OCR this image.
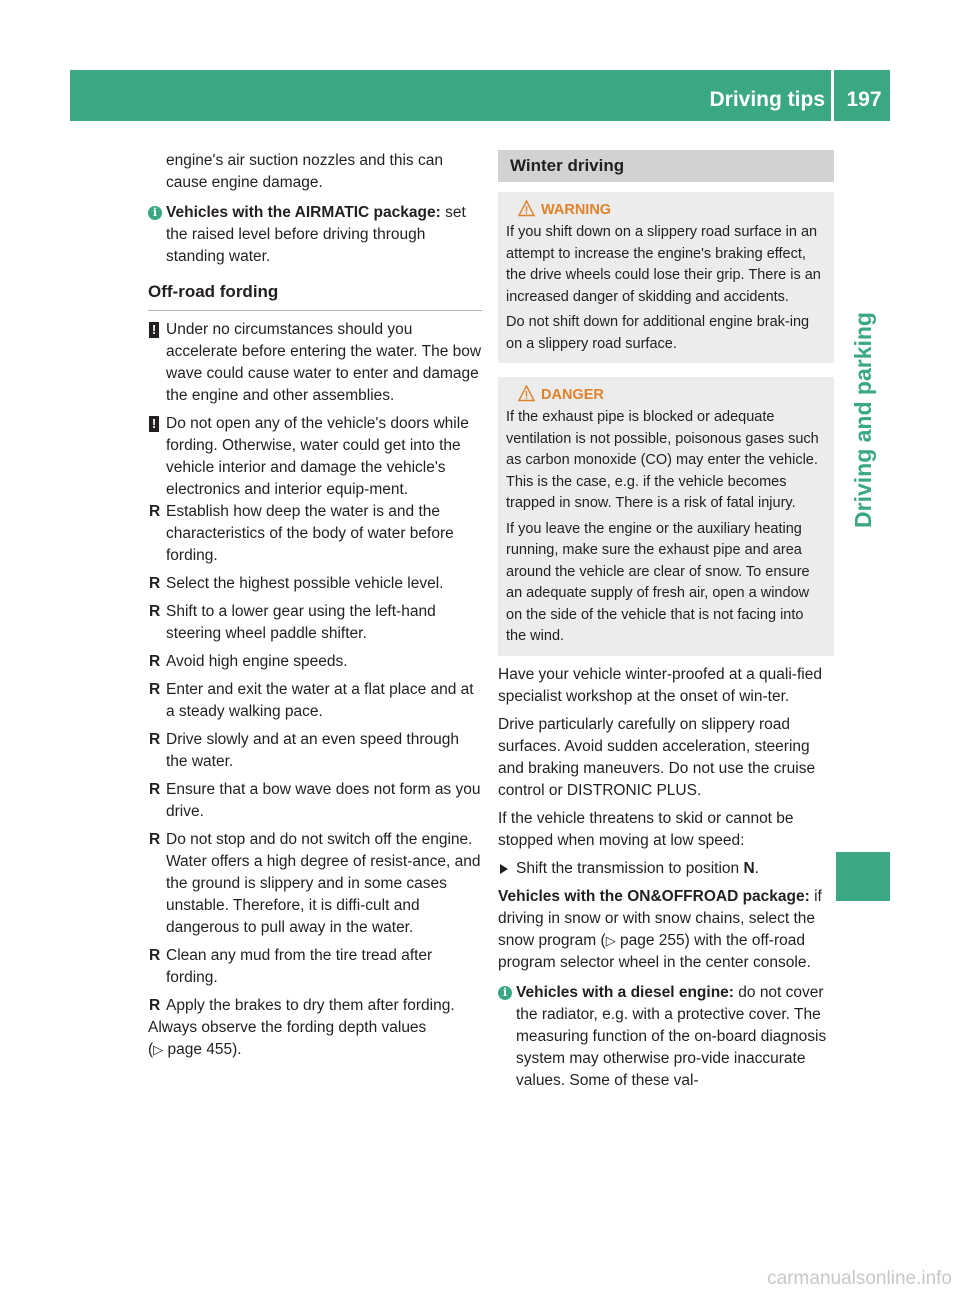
Driving tips	197
Driving and parking

engine's air suction nozzles and this can cause engine damage.

i Vehicles with the AIRMATIC package: set the raised level before driving through standing water.

Off-road fording
! Under no circumstances should you accelerate before entering the water. The bow wave could cause water to enter and damage the engine and other assemblies.

! Do not open any of the vehicle's doors while fording. Otherwise, water could get into the vehicle interior and damage the vehicle's electronics and interior equip-ment.

R Establish how deep the water is and the characteristics of the body of water before fording.
R Select the highest possible vehicle level.
R Shift to a lower gear using the left-hand steering wheel paddle shifter.
R Avoid high engine speeds.
R Enter and exit the water at a flat place and at a steady walking pace.
R Drive slowly and at an even speed through the water.
R Ensure that a bow wave does not form as you drive.
R Do not stop and do not switch off the engine. Water offers a high degree of resist-ance, and the ground is slippery and in some cases unstable. Therefore, it is diffi-cult and dangerous to pull away in the water.
R Clean any mud from the tire tread after fording.
R Apply the brakes to dry them after fording.

Always observe the fording depth values
(▷ page 455).

Winter driving
WARNING

If you shift down on a slippery road surface in an attempt to increase the engine's braking effect, the drive wheels could lose their grip. There is an increased danger of skidding and accidents.

Do not shift down for additional engine brak-ing on a slippery road surface.

DANGER

If the exhaust pipe is blocked or adequate ventilation is not possible, poisonous gases such as carbon monoxide (CO) may enter the vehicle. This is the case, e.g. if the vehicle becomes trapped in snow. There is a risk of fatal injury.

If you leave the engine or the auxiliary heating running, make sure the exhaust pipe and area around the vehicle are clear of snow. To ensure an adequate supply of fresh air, open a window on the side of the vehicle that is not facing into the wind.

Have your vehicle winter-proofed at a quali-fied specialist workshop at the onset of win-ter.

Drive particularly carefully on slippery road surfaces. Avoid sudden acceleration, steering and braking maneuvers. Do not use the cruise control or DISTRONIC PLUS.

If the vehicle threatens to skid or cannot be stopped when moving at low speed:

Shift the transmission to position N.

Vehicles with the ON&OFFROAD package: if driving in snow or with snow chains, select the snow program (▷ page 255) with the off-road program selector wheel in the center console.

i Vehicles with a diesel engine: do not cover the radiator, e.g. with a protective cover. The measuring function of the on-board diagnosis system may otherwise pro-vide inaccurate values. Some of these val-

carmanualsonline.info
